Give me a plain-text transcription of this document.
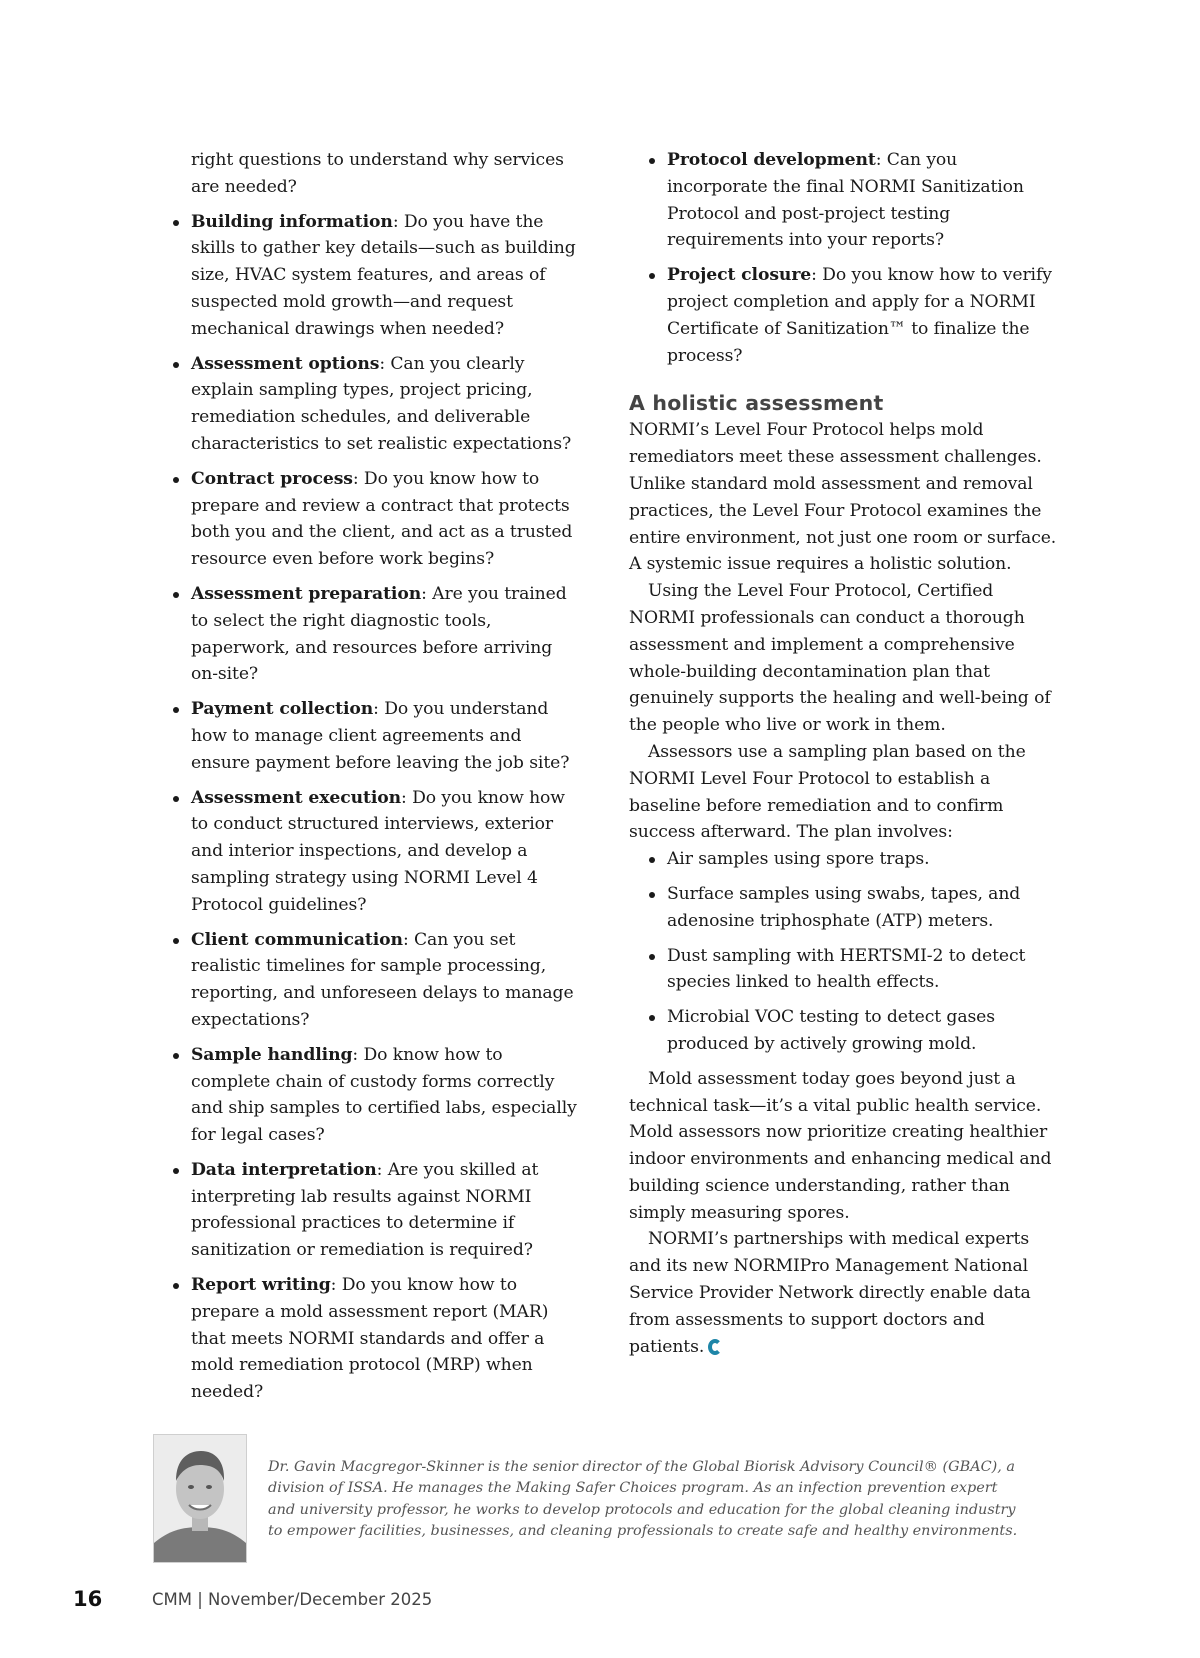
right questions to understand why services are needed?

Building information: Do you have the skills to gather key details—such as building size, HVAC system features, and areas of suspected mold growth—and request mechanical drawings when needed?
Assessment options: Can you clearly explain sampling types, project pricing, remediation schedules, and deliverable characteristics to set realistic expectations?
Contract process: Do you know how to prepare and review a contract that protects both you and the client, and act as a trusted resource even before work begins?
Assessment preparation: Are you trained to select the right diagnostic tools, paperwork, and resources before arriving on-site?
Payment collection: Do you understand how to manage client agreements and ensure payment before leaving the job site?
Assessment execution: Do you know how to conduct structured interviews, exterior and interior inspections, and develop a sampling strategy using NORMI Level 4 Protocol guidelines?
Client communication: Can you set realistic timelines for sample processing, reporting, and unforeseen delays to manage expectations?
Sample handling: Do know how to complete chain of custody forms correctly and ship samples to certified labs, especially for legal cases?
Data interpretation: Are you skilled at interpreting lab results against NORMI professional practices to determine if sanitization or remediation is required?
Report writing: Do you know how to prepare a mold assessment report (MAR) that meets NORMI standards and offer a mold remediation protocol (MRP) when needed?
Protocol development: Can you incorporate the final NORMI Sanitization Protocol and post-project testing requirements into your reports?
Project closure: Do you know how to verify project completion and apply for a NORMI Certificate of Sanitization™ to finalize the process?
A holistic assessment

NORMI’s Level Four Protocol helps mold remediators meet these assessment challenges. Unlike standard mold assessment and removal practices, the Level Four Protocol examines the entire environment, not just one room or surface. A systemic issue requires a holistic solution.

Using the Level Four Protocol, Certified NORMI professionals can conduct a thorough assessment and implement a comprehensive whole-building decontamination plan that genuinely supports the healing and well-being of the people who live or work in them.

Assessors use a sampling plan based on the NORMI Level Four Protocol to establish a baseline before remediation and to confirm success afterward. The plan involves:

Air samples using spore traps.
Surface samples using swabs, tapes, and adenosine triphosphate (ATP) meters.
Dust sampling with HERTSMI-2 to detect species linked to health effects.
Microbial VOC testing to detect gases produced by actively growing mold.

Mold assessment today goes beyond just a technical task—it’s a vital public health service. Mold assessors now prioritize creating healthier indoor environments and enhancing medical and building science understanding, rather than simply measuring spores.

NORMI’s partnerships with medical experts and its new NORMIPro Management National Service Provider Network directly enable data from assessments to support doctors and patients.

Dr. Gavin Macgregor-Skinner is the senior director of the Global Biorisk Advisory Council® (GBAC), a division of ISSA. He manages the Making Safer Choices program. As an infection prevention expert and university professor, he works to develop protocols and education for the global cleaning industry to empower facilities, businesses, and cleaning professionals to create safe and healthy environments.

16	CMM | November/December 2025
